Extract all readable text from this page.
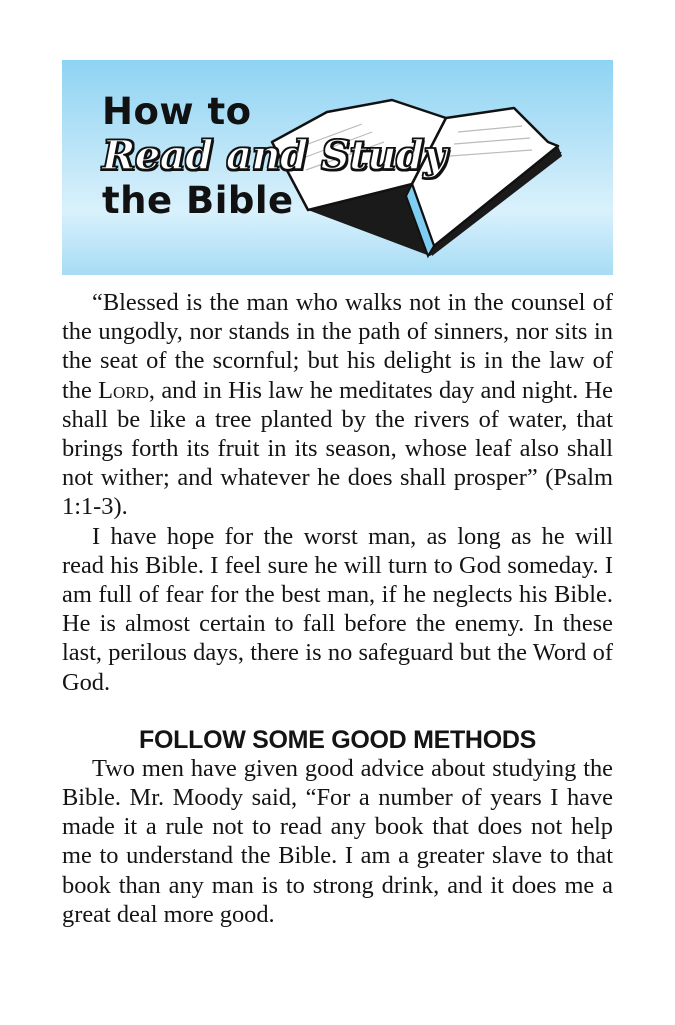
How to
Read and Study
the Bible

“Blessed is the man who walks not in the counsel of the ungodly, nor stands in the path of sinners, nor sits in the seat of the scornful; but his delight is in the law of the Lord, and in His law he meditates day and night. He shall be like a tree planted by the rivers of water, that brings forth its fruit in its season, whose leaf also shall not wither; and whatever he does shall prosper” (Psalm 1:1-3).

I have hope for the worst man, as long as he will read his Bible. I feel sure he will turn to God someday. I am full of fear for the best man, if he neglects his Bible. He is almost certain to fall before the enemy. In these last, perilous days, there is no safeguard but the Word of God.

FOLLOW SOME GOOD METHODS

Two men have given good advice about studying the Bible. Mr. Moody said, “For a number of years I have made it a rule not to read any book that does not help me to understand the Bible. I am a greater slave to that book than any man is to strong drink, and it does me a great deal more good.
